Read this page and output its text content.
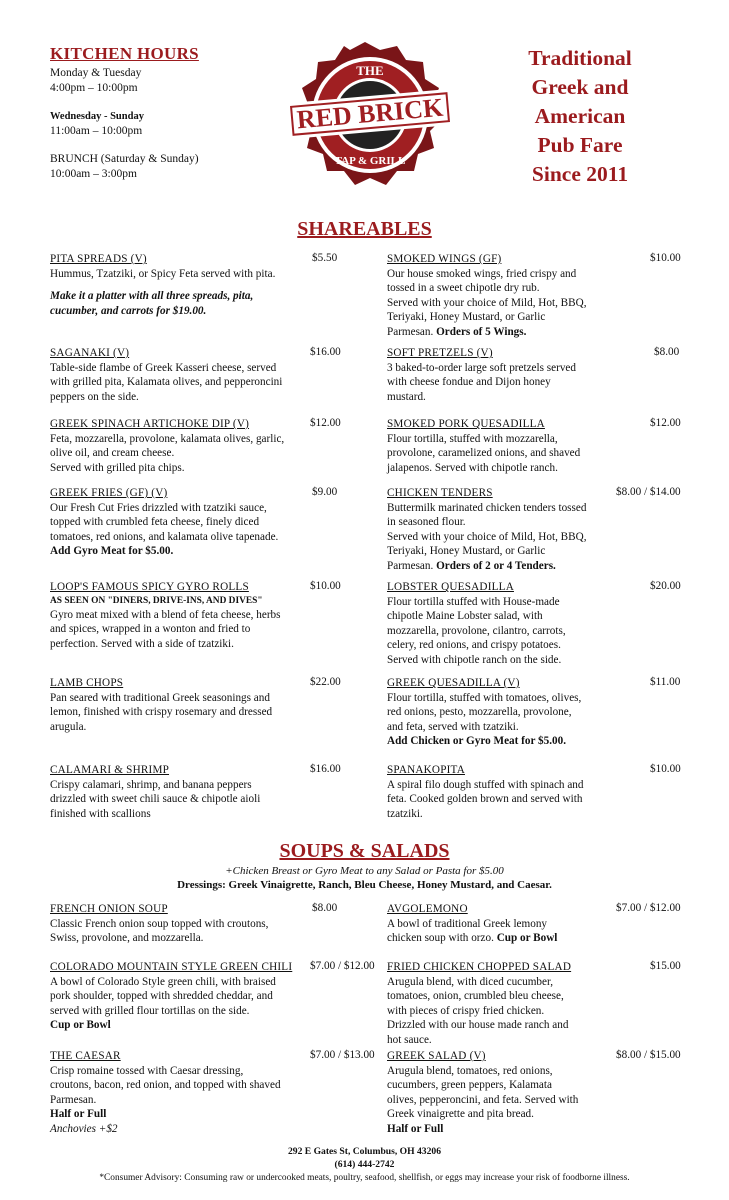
KITCHEN HOURS
Monday & Tuesday
4:00pm – 10:00pm
Wednesday - Sunday
11:00am – 10:00pm
BRUNCH (Saturday & Sunday)
10:00am – 3:00pm
THE
RED BRICK
TAP & GRILL
Traditional
Greek and
American
Pub Fare
Since 2011
SHAREABLES
PITA SPREADS (V)
Hummus, Tzatziki, or Spicy Feta served with pita.
Make it a platter with all three spreads, pita,
cucumber, and carrots for $19.00.
$5.50
SAGANAKI (V)
Table-side flambe of Greek Kasseri cheese, served
with grilled pita, Kalamata olives, and pepperoncini
peppers on the side.
$16.00
GREEK SPINACH ARTICHOKE DIP (V)
Feta, mozzarella, provolone, kalamata olives, garlic,
olive oil, and cream cheese.
Served with grilled pita chips.
$12.00
GREEK FRIES (GF) (V)
Our Fresh Cut Fries drizzled with tzatziki sauce,
topped with crumbled feta cheese, finely diced
tomatoes, red onions, and kalamata olive tapenade.
Add Gyro Meat for $5.00.
$9.00
LOOP'S FAMOUS SPICY GYRO ROLLS
AS SEEN ON "DINERS, DRIVE-INS, AND DIVES"
Gyro meat mixed with a blend of feta cheese, herbs
and spices, wrapped in a wonton and fried to
perfection. Served with a side of tzatziki.
$10.00
LAMB CHOPS
Pan seared with traditional Greek seasonings and
lemon, finished with crispy rosemary and dressed
arugula.
$22.00
CALAMARI & SHRIMP
Crispy calamari, shrimp, and banana peppers
drizzled with sweet chili sauce & chipotle aioli
finished with scallions
$16.00
SMOKED WINGS (GF)
Our house smoked wings, fried crispy and
tossed in a sweet chipotle dry rub.
Served with your choice of Mild, Hot, BBQ,
Teriyaki, Honey Mustard, or Garlic
Parmesan. Orders of 5 Wings.
$10.00
SOFT PRETZELS (V)
3 baked-to-order large soft pretzels served
with cheese fondue and Dijon honey
mustard.
$8.00
SMOKED PORK QUESADILLA
Flour tortilla, stuffed with mozzarella,
provolone, caramelized onions, and shaved
jalapenos. Served with chipotle ranch.
$12.00
CHICKEN TENDERS
Buttermilk marinated chicken tenders tossed
in seasoned flour.
Served with your choice of Mild, Hot, BBQ,
Teriyaki, Honey Mustard, or Garlic
Parmesan. Orders of 2 or 4 Tenders.
$8.00 / $14.00
LOBSTER QUESADILLA
Flour tortilla stuffed with House-made
chipotle Maine Lobster salad, with
mozzarella, provolone, cilantro, carrots,
celery, red onions, and crispy potatoes.
Served with chipotle ranch on the side.
$20.00
GREEK QUESADILLA (V)
Flour tortilla, stuffed with tomatoes, olives,
red onions, pesto, mozzarella, provolone,
and feta, served with tzatziki.
Add Chicken or Gyro Meat for $5.00.
$11.00
SPANAKOPITA
A spiral filo dough stuffed with spinach and
feta. Cooked golden brown and served with
tzatziki.
$10.00
SOUPS & SALADS
+Chicken Breast or Gyro Meat to any Salad or Pasta for $5.00
Dressings: Greek Vinaigrette, Ranch, Bleu Cheese, Honey Mustard, and Caesar.
FRENCH ONION SOUP
Classic French onion soup topped with croutons,
Swiss, provolone, and mozzarella.
$8.00	AVGOLEMONO
A bowl of traditional Greek lemony
chicken soup with orzo. Cup or Bowl
$7.00 / $12.00
COLORADO MOUNTAIN STYLE GREEN CHILI
A bowl of Colorado Style green chili, with braised
pork shoulder, topped with shredded cheddar, and
served with grilled flour tortillas on the side.
Cup or Bowl
$7.00 / $12.00 FRIED CHICKEN CHOPPED SALAD
Arugula blend, with diced cucumber,
tomatoes, onion, crumbled bleu cheese,
with pieces of crispy fried chicken.
Drizzled with our house made ranch and
hot sauce.
$15.00
THE CAESAR
Crisp romaine tossed with Caesar dressing,
croutons, bacon, red onion, and topped with shaved
Parmesan.
Half or Full
Anchovies +$2
$7.00 / $13.00 GREEK SALAD (V)
Arugula blend, tomatoes, red onions,
cucumbers, green peppers, Kalamata
olives, pepperoncini, and feta. Served with
Greek vinaigrette and pita bread.
Half or Full
$8.00 / $15.00
292 E Gates St, Columbus, OH 43206
(614) 444-2742
*Consumer Advisory: Consuming raw or undercooked meats, poultry, seafood, shellfish, or eggs may increase your risk of foodborne illness.
